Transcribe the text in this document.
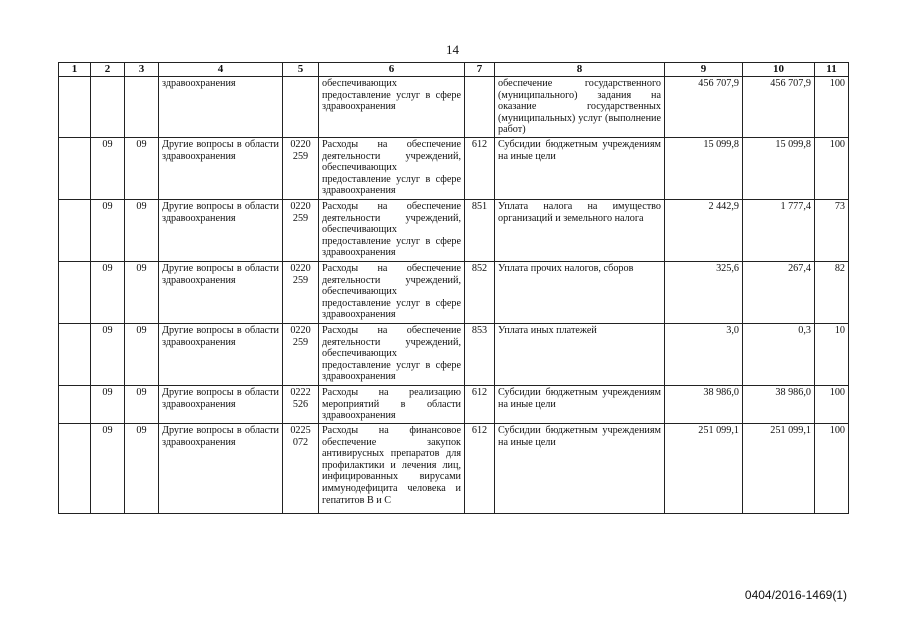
14
1	2	3	4	5	6	7	8	9	10	11
			здравоохранения		обеспечивающих предоставление услуг в сфере здравоохранения		обеспечение государственного (муниципального) задания на оказание государственных (муниципальных) услуг (выполнение работ)	456 707,9	456 707,9	100
	09	09	Другие вопросы в области здравоохранения	0220 259	Расходы на обеспечение деятельности учреждений, обеспечивающих предоставление услуг в сфере здравоохранения	612	Субсидии бюджетным учреждениям на иные цели	15 099,8	15 099,8	100
	09	09	Другие вопросы в области здравоохранения	0220 259	Расходы на обеспечение деятельности учреждений, обеспечивающих предоставление услуг в сфере здравоохранения	851	Уплата налога на имущество организаций и земельного налога	2 442,9	1 777,4	73
	09	09	Другие вопросы в области здравоохранения	0220 259	Расходы на обеспечение деятельности учреждений, обеспечивающих предоставление услуг в сфере здравоохранения	852	Уплата прочих налогов, сборов	325,6	267,4	82
	09	09	Другие вопросы в области здравоохранения	0220 259	Расходы на обеспечение деятельности учреждений, обеспечивающих предоставление услуг в сфере здравоохранения	853	Уплата иных платежей	3,0	0,3	10
	09	09	Другие вопросы в области здравоохранения	0222 526	Расходы на реализацию мероприятий в области здравоохранения	612	Субсидии бюджетным учреждениям на иные цели	38 986,0	38 986,0	100
	09	09	Другие вопросы в области здравоохранения	0225 072	Расходы на финансовое обеспечение закупок антивирусных препаратов для профилактики и лечения лиц, инфицированных вирусами иммунодефицита человека и гепатитов В и С	612	Субсидии бюджетным учреждениям на иные цели	251 099,1	251 099,1	100
0404/2016-1469(1)
